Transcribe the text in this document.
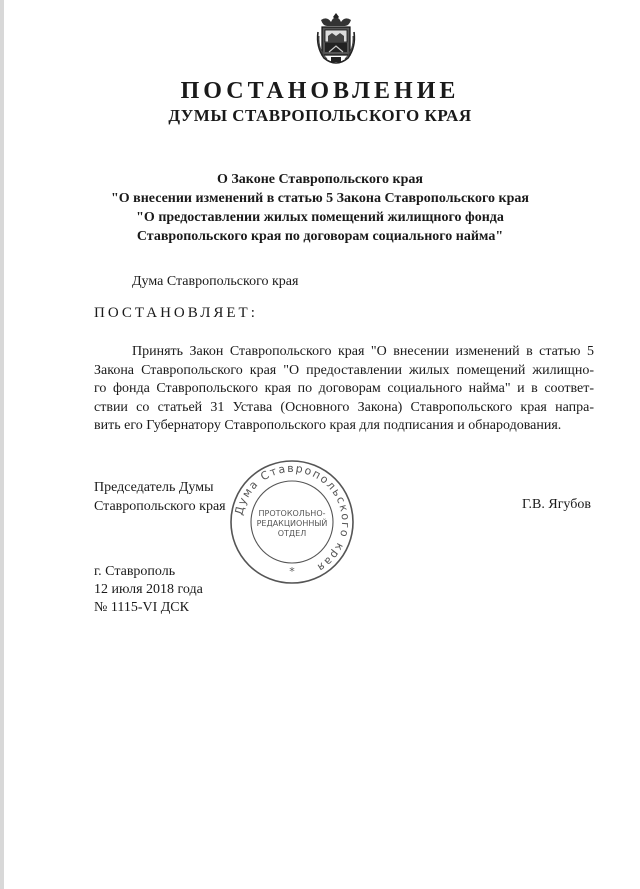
ПОСТАНОВЛЕНИЕ
ДУМЫ СТАВРОПОЛЬСКОГО КРАЯ
О Законе Ставропольского края
"О внесении изменений в статью 5 Закона Ставропольского края
"О предоставлении жилых помещений жилищного фонда
Ставропольского края по договорам социального найма"
Дума Ставропольского края
ПОСТАНОВЛЯЕТ:
Принять Закон Ставропольского края "О внесении изменений в статью 5
Закона Ставропольского края "О предоставлении жилых помещений жилищно-
го фонда Ставропольского края по договорам социального найма" и в соответ-
ствии со статьей 31 Устава (Основного Закона) Ставропольского края напра-
вить его Губернатору Ставропольского края для подписания и обнародования.
Председатель Думы
Ставропольского края	Г.В. Ягубов
Дума Ставропольского края
ПРОТОКОЛЬНО-
РЕДАКЦИОННЫЙ
ОТДЕЛ
*
г. Ставрополь
12 июля 2018 года
№ 1115-VI ДСК
